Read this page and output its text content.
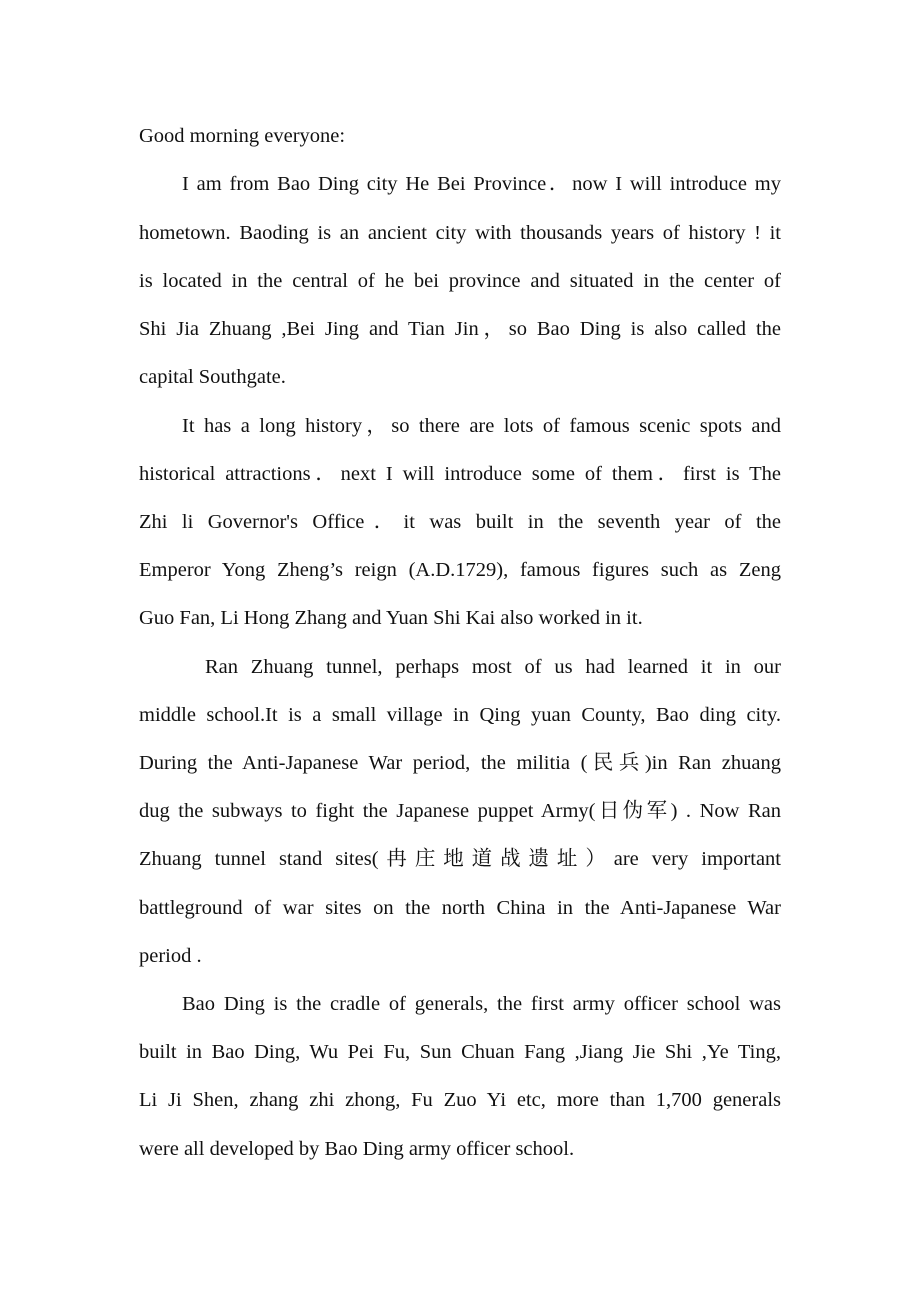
Good morning everyone:
I am from Bao Ding city He Bei Province．now I will introduce my
hometown. Baoding is an ancient city with thousands years of history ! it
is located in the central of he bei province and situated in the center of
Shi Jia Zhuang ,Bei Jing and Tian Jin，so Bao Ding is also called the
capital Southgate.
It has a long history，so there are lots of famous scenic spots and
historical attractions．next I will introduce some of them．first is The
Zhi li Governor's Office．it was built in the seventh year of the
Emperor Yong Zheng’s reign (A.D.1729), famous figures such as Zeng
Guo Fan, Li Hong Zhang and Yuan Shi Kai also worked in it.
Ran Zhuang tunnel, perhaps most of us had learned it in our
middle school.It is a small village in Qing yuan County, Bao ding city.
During the Anti-Japanese War period, the militia (民兵)in Ran zhuang
dug the subways to fight the Japanese puppet Army(日伪军) . Now Ran
Zhuang tunnel stand sites(冉庄地道战遗址）are very important
battleground of war sites on the north China in the Anti-Japanese War
period .
Bao Ding is the cradle of generals, the first army officer school was
built in Bao Ding, Wu Pei Fu, Sun Chuan Fang ,Jiang Jie Shi ,Ye Ting,
Li Ji Shen, zhang zhi zhong, Fu Zuo Yi etc, more than 1,700 generals
were all developed by Bao Ding army officer school.
